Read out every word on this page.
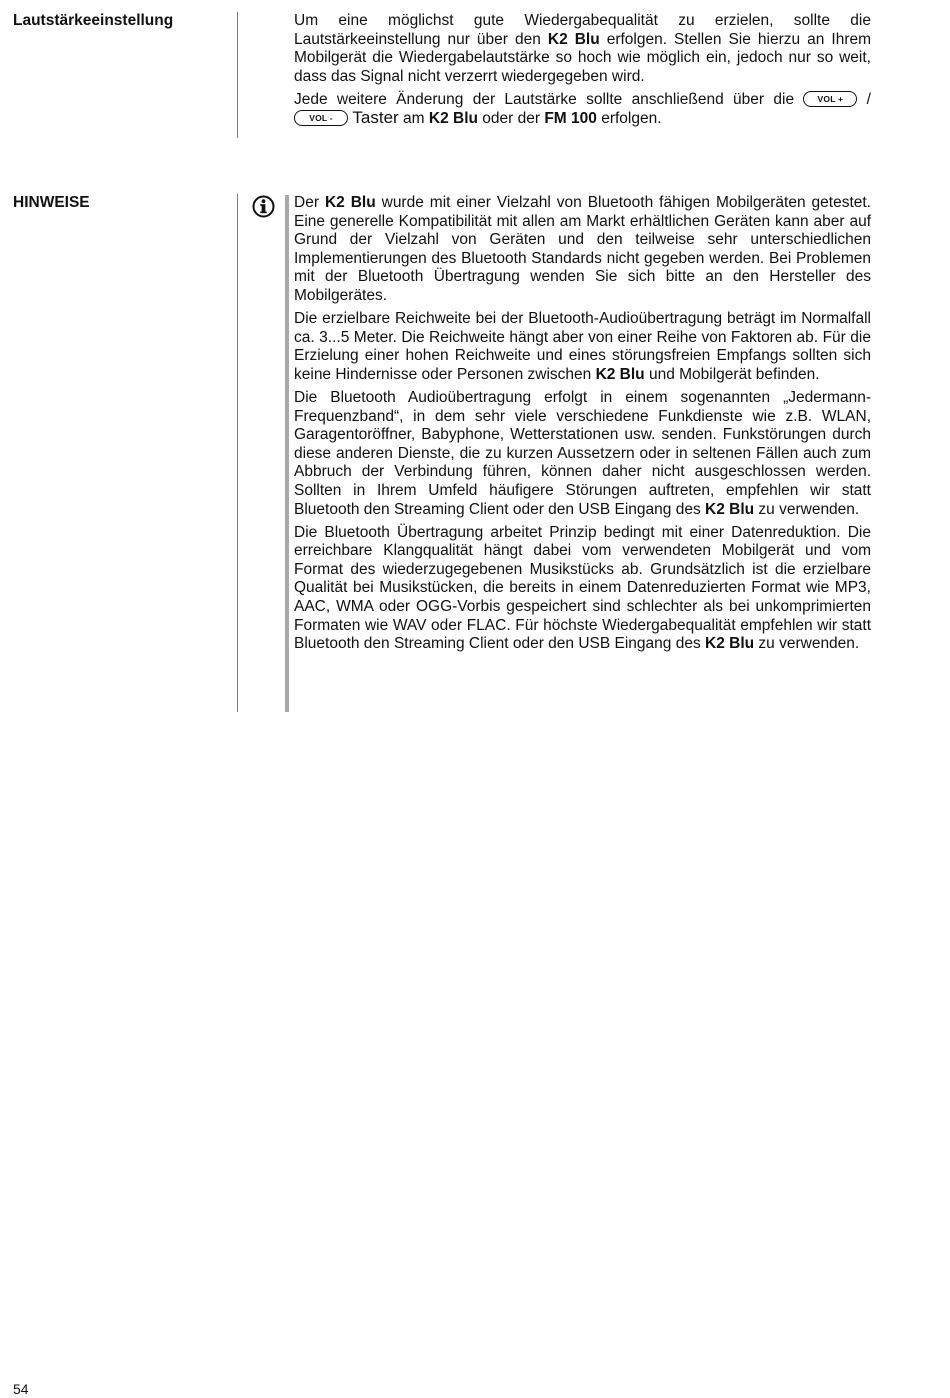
Lautstärkeeinstellung	Um eine möglichst gute Wiedergabequalität zu erzielen, sollte die Lautstärkeeinstellung nur über den K2 Blu erfolgen. Stellen Sie hierzu an Ihrem Mobilgerät die Wiedergabelautstärke so hoch wie möglich ein, jedoch nur so weit, dass das Signal nicht verzerrt wiedergegeben wird.

Jede weitere Änderung der Lautstärke sollte anschließend über die VOL + / VOL - Taster am K2 Blu oder der FM 100 erfolgen.

HINWEISE	Der K2 Blu wurde mit einer Vielzahl von Bluetooth fähigen Mobilgeräten getestet. Eine generelle Kompatibilität mit allen am Markt erhältlichen Geräten kann aber auf Grund der Vielzahl von Geräten und den teilweise sehr unterschiedlichen Implementierungen des Bluetooth Standards nicht gegeben werden. Bei Problemen mit der Bluetooth Übertragung wenden Sie sich bitte an den Hersteller des Mobilgerätes.

Die erzielbare Reichweite bei der Bluetooth-Audioübertragung beträgt im Normalfall ca. 3...5 Meter. Die Reichweite hängt aber von einer Reihe von Faktoren ab. Für die Erzielung einer hohen Reichweite und eines störungsfreien Empfangs sollten sich keine Hindernisse oder Personen zwischen K2 Blu und Mobilgerät befinden.

Die Bluetooth Audioübertragung erfolgt in einem sogenannten „Jedermann-Frequenzband“, in dem sehr viele verschiedene Funkdienste wie z.B. WLAN, Garagentoröffner, Babyphone, Wetterstationen usw. senden. Funkstörungen durch diese anderen Dienste, die zu kurzen Aussetzern oder in seltenen Fällen auch zum Abbruch der Verbindung führen, können daher nicht ausgeschlossen werden. Sollten in Ihrem Umfeld häufigere Störungen auftreten, empfehlen wir statt Bluetooth den Streaming Client oder den USB Eingang des K2 Blu zu verwenden.

Die Bluetooth Übertragung arbeitet Prinzip bedingt mit einer Datenreduktion. Die erreichbare Klangqualität hängt dabei vom verwendeten Mobilgerät und vom Format des wiederzugegebenen Musikstücks ab. Grundsätzlich ist die erzielbare Qualität bei Musikstücken, die bereits in einem Datenreduzierten Format wie MP3, AAC, WMA oder OGG-Vorbis gespeichert sind schlechter als bei unkomprimierten Formaten wie WAV oder FLAC. Für höchste Wiedergabequalität empfehlen wir statt Bluetooth den Streaming Client oder den USB Eingang des K2 Blu zu verwenden.

54
